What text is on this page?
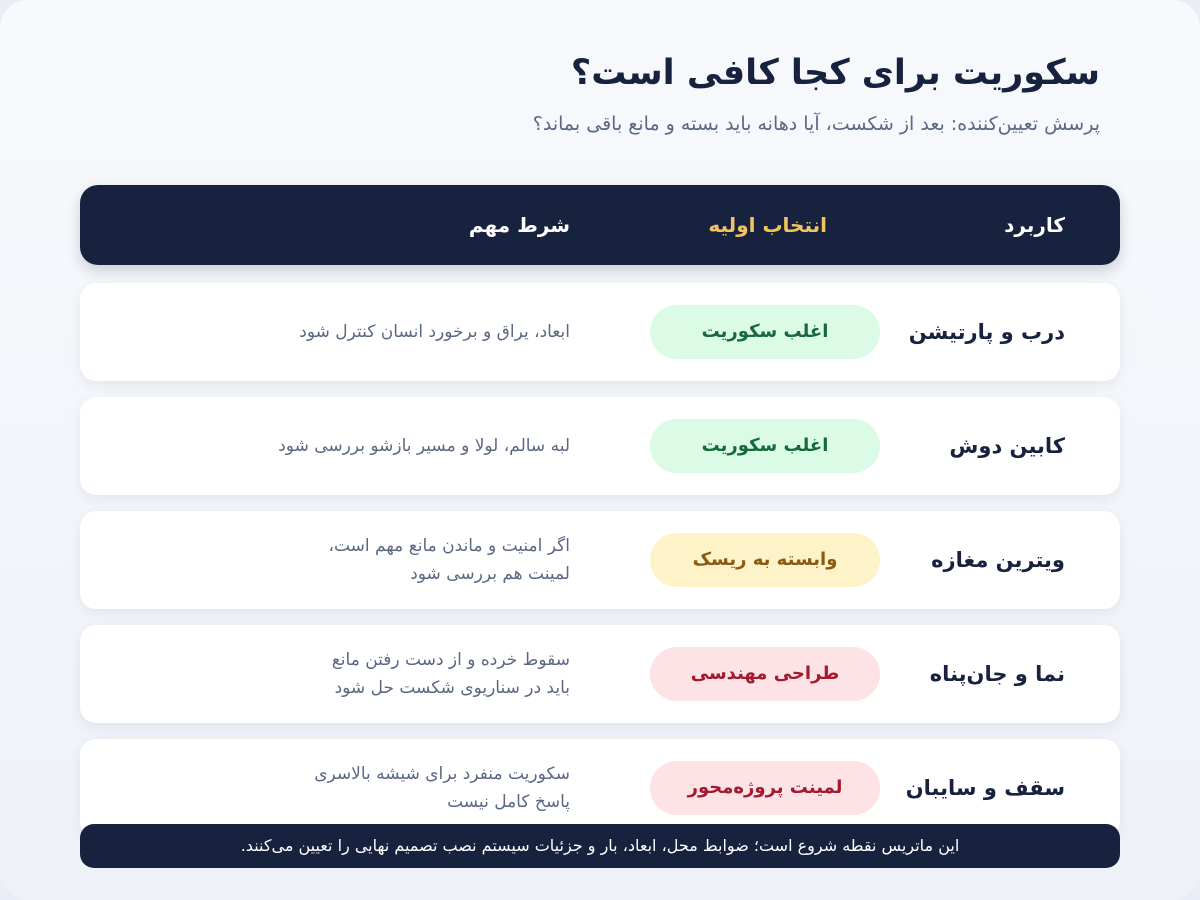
سکوریت برای کجا کافی است؟

پرسش تعیین‌کننده: بعد از شکست، آیا دهانه باید بسته و مانع باقی بماند؟

کاربرد
انتخاب اولیه
شرط مهم
درب و پارتیشن
اغلب سکوریت
ابعاد، یراق و برخورد انسان کنترل شود
کابین دوش
اغلب سکوریت
لبه سالم، لولا و مسیر بازشو بررسی شود
ویترین مغازه
وابسته به ریسک
اگر امنیت و ماندن مانع مهم است،
لمینت هم بررسی شود
نما و جان‌پناه
طراحی مهندسی
سقوط خرده و از دست رفتن مانع
باید در سناریوی شکست حل شود
سقف و سایبان
لمینت پروژه‌محور
سکوریت منفرد برای شیشه بالاسری
پاسخ کامل نیست
این ماتریس نقطه شروع است؛ ضوابط محل، ابعاد، بار و جزئیات سیستم نصب تصمیم نهایی را تعیین می‌کنند.
